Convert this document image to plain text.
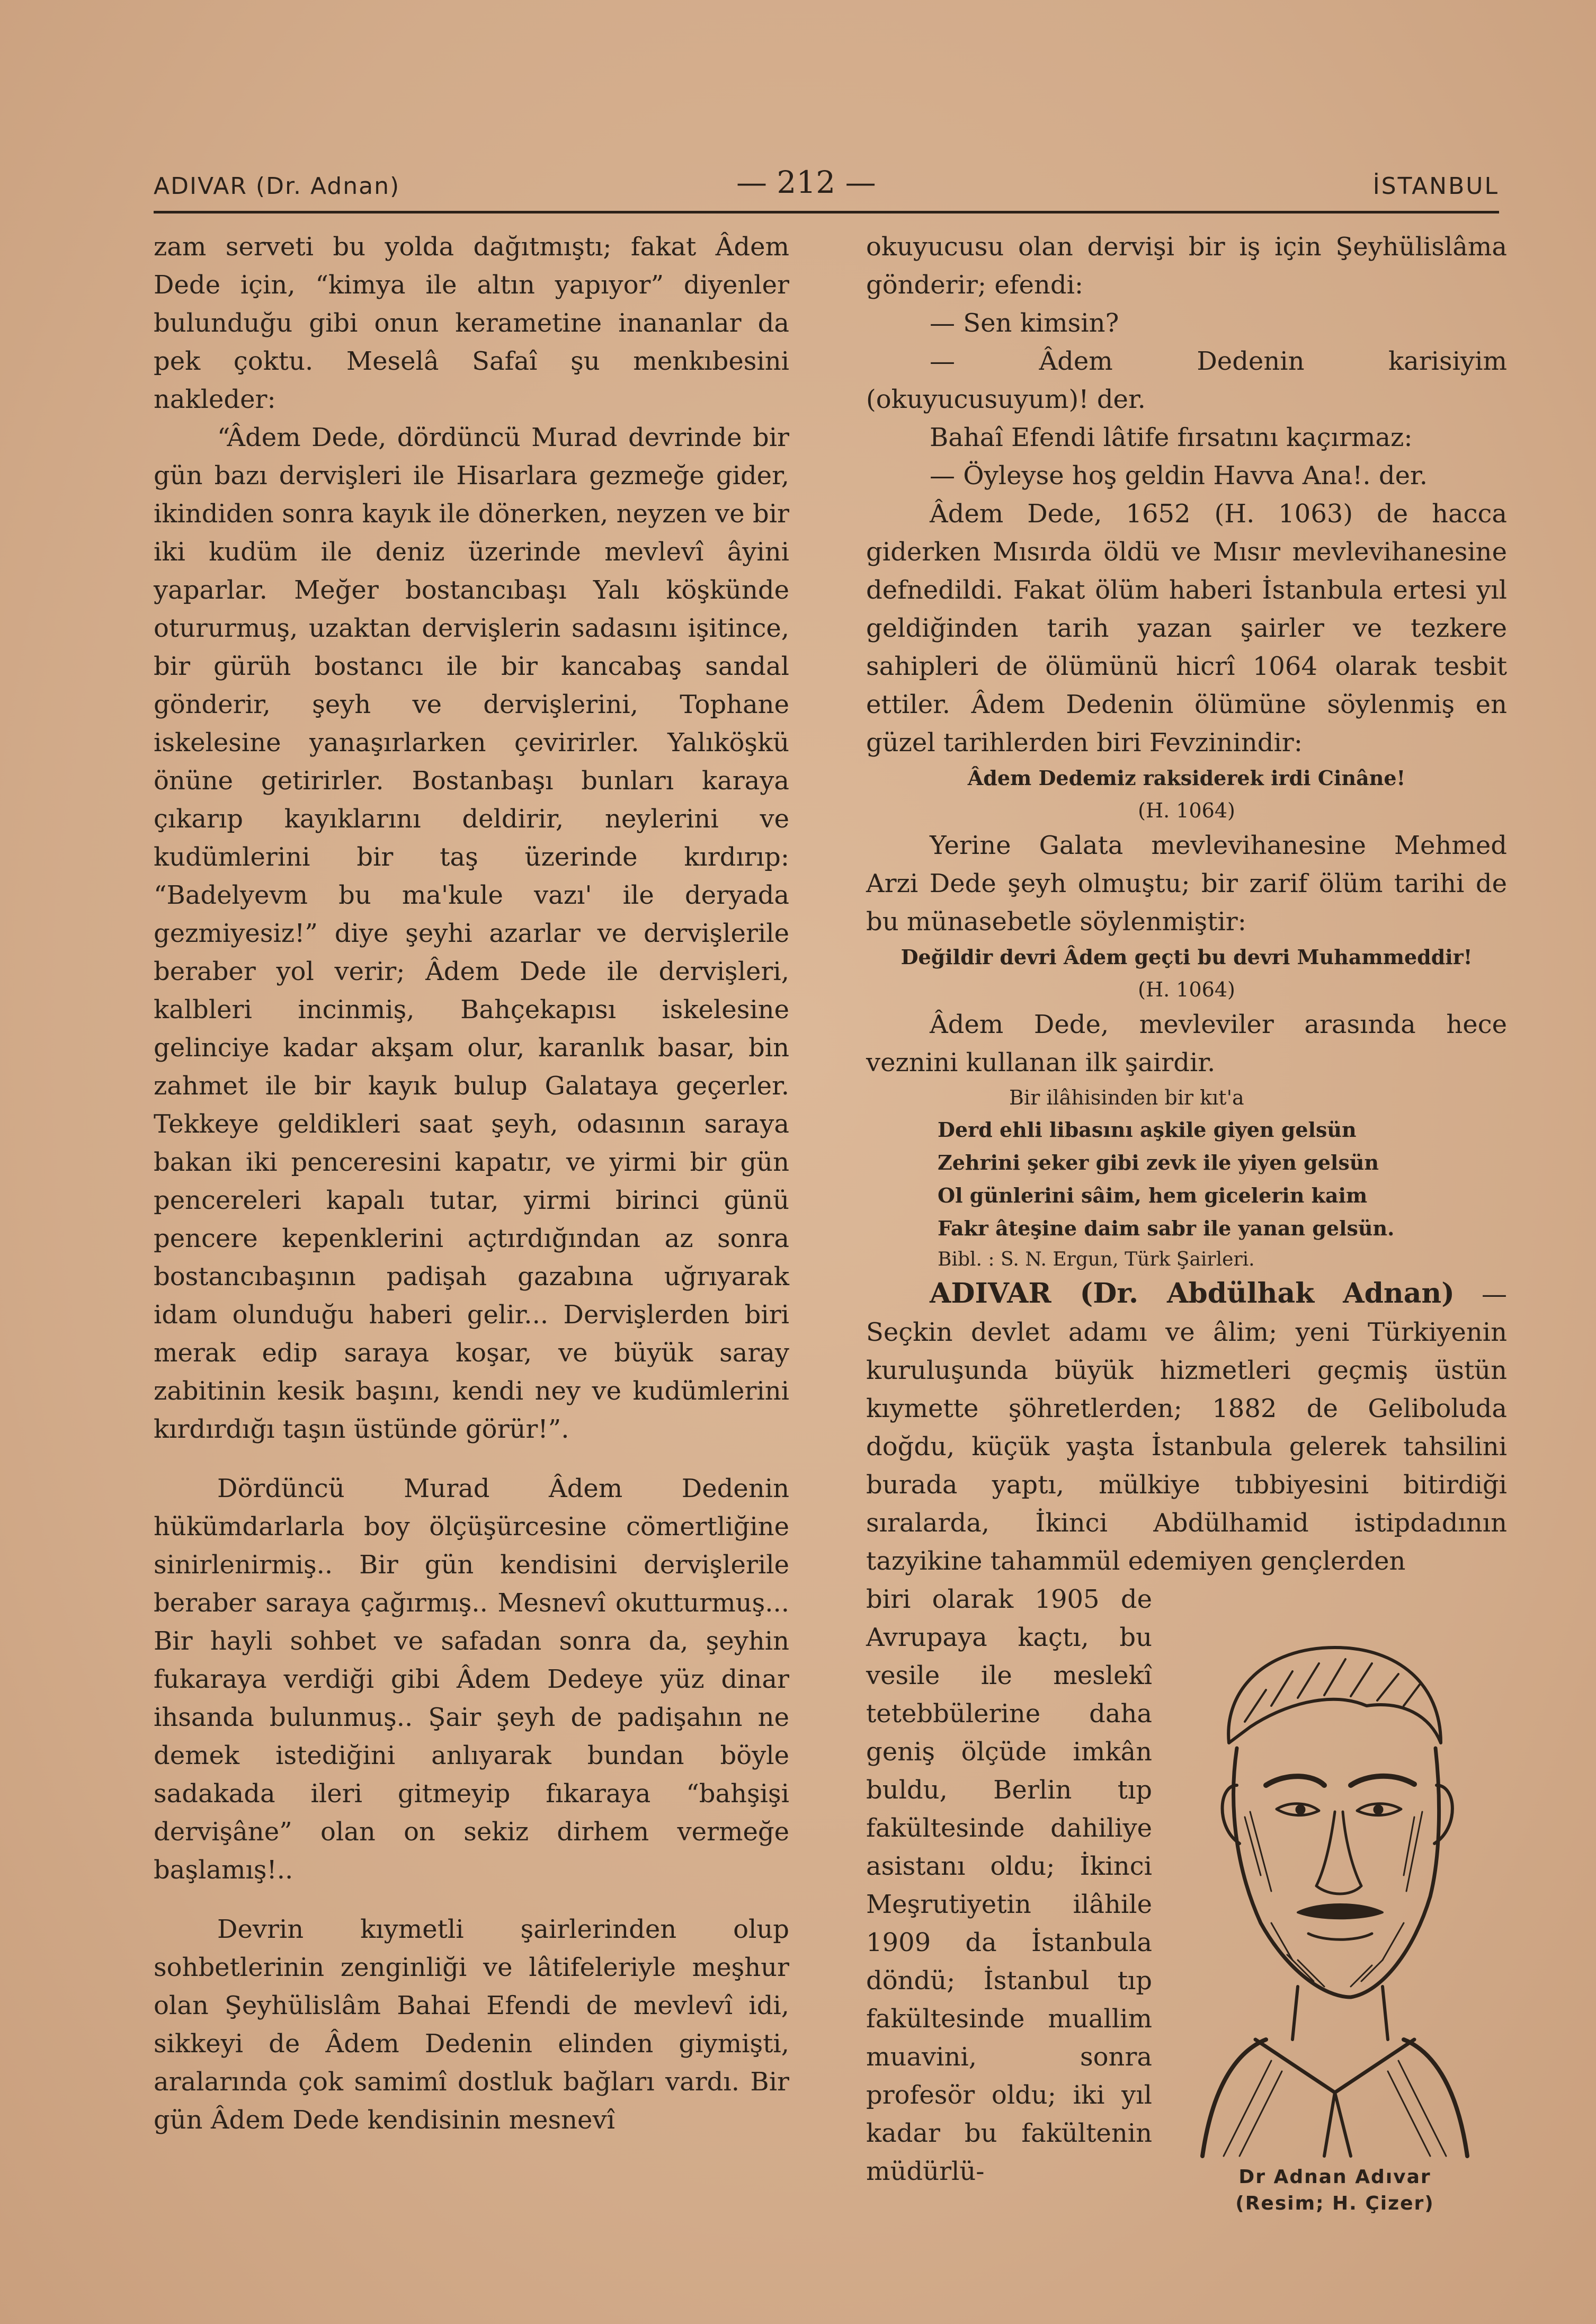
ADIVAR (Dr. Adnan)	— 212 —	İSTANBUL

zam serveti bu yolda dağıtmıştı; fakat Âdem Dede için, “kimya ile altın yapıyor” diyenler bulunduğu gibi onun kerametine inananlar da pek çoktu. Meselâ Safaî şu menkıbesini nakleder:

“Âdem Dede, dördüncü Murad devrinde bir gün bazı dervişleri ile Hisarlara gezmeğe gider, ikindiden sonra kayık ile dönerken, neyzen ve bir iki kudüm ile deniz üzerinde mevlevî âyini yaparlar. Meğer bostancıbaşı Yalı köşkünde otururmuş, uzaktan dervişlerin sadasını işitince, bir gürüh bostancı ile bir kancabaş sandal gönderir, şeyh ve dervişlerini, Tophane iskelesine yanaşırlarken çevirirler. Yalıköşkü önüne getirirler. Bostanbaşı bunları karaya çıkarıp kayıklarını deldirir, neylerini ve kudümlerini bir taş üzerinde kırdırıp: “Badelyevm bu ma'kule vazı' ile deryada gezmiyesiz!” diye şeyhi azarlar ve dervişlerile beraber yol verir; Âdem Dede ile dervişleri, kalbleri incinmiş, Bahçekapısı iskelesine gelinciye kadar akşam olur, karanlık basar, bin zahmet ile bir kayık bulup Galataya geçerler. Tekkeye geldikleri saat şeyh, odasının saraya bakan iki penceresini kapatır, ve yirmi bir gün pencereleri kapalı tutar, yirmi birinci günü pencere kepenklerini açtırdığından az sonra bostancıbaşının padişah gazabına uğrıyarak idam olunduğu haberi gelir... Dervişlerden biri merak edip saraya koşar, ve büyük saray zabitinin kesik başını, kendi ney ve kudümlerini kırdırdığı taşın üstünde görür!”.

Dördüncü Murad Âdem Dedenin hükümdarlarla boy ölçüşürcesine cömertliğine sinirlenirmiş.. Bir gün kendisini dervişlerile beraber saraya çağırmış.. Mesnevî okutturmuş... Bir hayli sohbet ve safadan sonra da, şeyhin fukaraya verdiği gibi Âdem Dedeye yüz dinar ihsanda bulunmuş.. Şair şeyh de padişahın ne demek istediğini anlıyarak bundan böyle sadakada ileri gitmeyip fıkaraya “bahşişi dervişâne” olan on sekiz dirhem vermeğe başlamış!..

Devrin kıymetli şairlerinden olup sohbetlerinin zenginliği ve lâtifeleriyle meşhur olan Şeyhülislâm Bahai Efendi de mevlevî idi, sikkeyi de Âdem Dedenin elinden giymişti, aralarında çok samimî dostluk bağları vardı. Bir gün Âdem Dede kendisinin mesnevî

okuyucusu olan dervişi bir iş için Şeyhülislâma gönderir; efendi:

— Sen kimsin?

— Âdem Dedenin karisiyim (okuyucusuyum)! der.

Bahaî Efendi lâtife fırsatını kaçırmaz:

— Öyleyse hoş geldin Havva Ana!. der.

Âdem Dede, 1652 (H. 1063) de hacca giderken Mısırda öldü ve Mısır mevlevihanesine defnedildi. Fakat ölüm haberi İstanbula ertesi yıl geldiğinden tarih yazan şairler ve tezkere sahipleri de ölümünü hicrî 1064 olarak tesbit ettiler. Âdem Dedenin ölümüne söylenmiş en güzel tarihlerden biri Fevzinindir:

Âdem Dedemiz raksiderek irdi Cinâne!

(H. 1064)

Yerine Galata mevlevihanesine Mehmed Arzi Dede şeyh olmuştu; bir zarif ölüm tarihi de bu münasebetle söylenmiştir:

Değildir devri Âdem geçti bu devri Muhammeddir!

(H. 1064)

Âdem Dede, mevleviler arasında hece veznini kullanan ilk şairdir.

Bir ilâhisinden bir kıt'a

Derd ehli libasını aşkile giyen gelsün

Zehrini şeker gibi zevk ile yiyen gelsün

Ol günlerini sâim, hem gicelerin kaim

Fakr âteşine daim sabr ile yanan gelsün.

Bibl. : S. N. Ergun, Türk Şairleri.

ADIVAR (Dr. Abdülhak Adnan) — Seçkin devlet adamı ve âlim; yeni Türkiyenin kuruluşunda büyük hizmetleri geçmiş üstün kıymette şöhretlerden; 1882 de Geliboluda doğdu, küçük yaşta İstanbula gelerek tahsilini burada yaptı, mülkiye tıbbiyesini bitirdiği sıralarda, İkinci Abdülhamid istipdadının tazyikine tahammül edemiyen gençlerden

biri olarak 1905 de Avrupaya kaçtı, bu vesile ile meslekî tetebbülerine daha geniş ölçüde imkân buldu, Berlin tıp fakültesinde dahiliye asistanı oldu; İkinci Meşrutiyetin ilâhile 1909 da İstanbula döndü; İstanbul tıp fakültesinde muallim muavini, sonra profesör oldu; iki yıl kadar bu fakültenin müdürlü-	Dr Adnan Adıvar
(Resim; H. Çizer)
